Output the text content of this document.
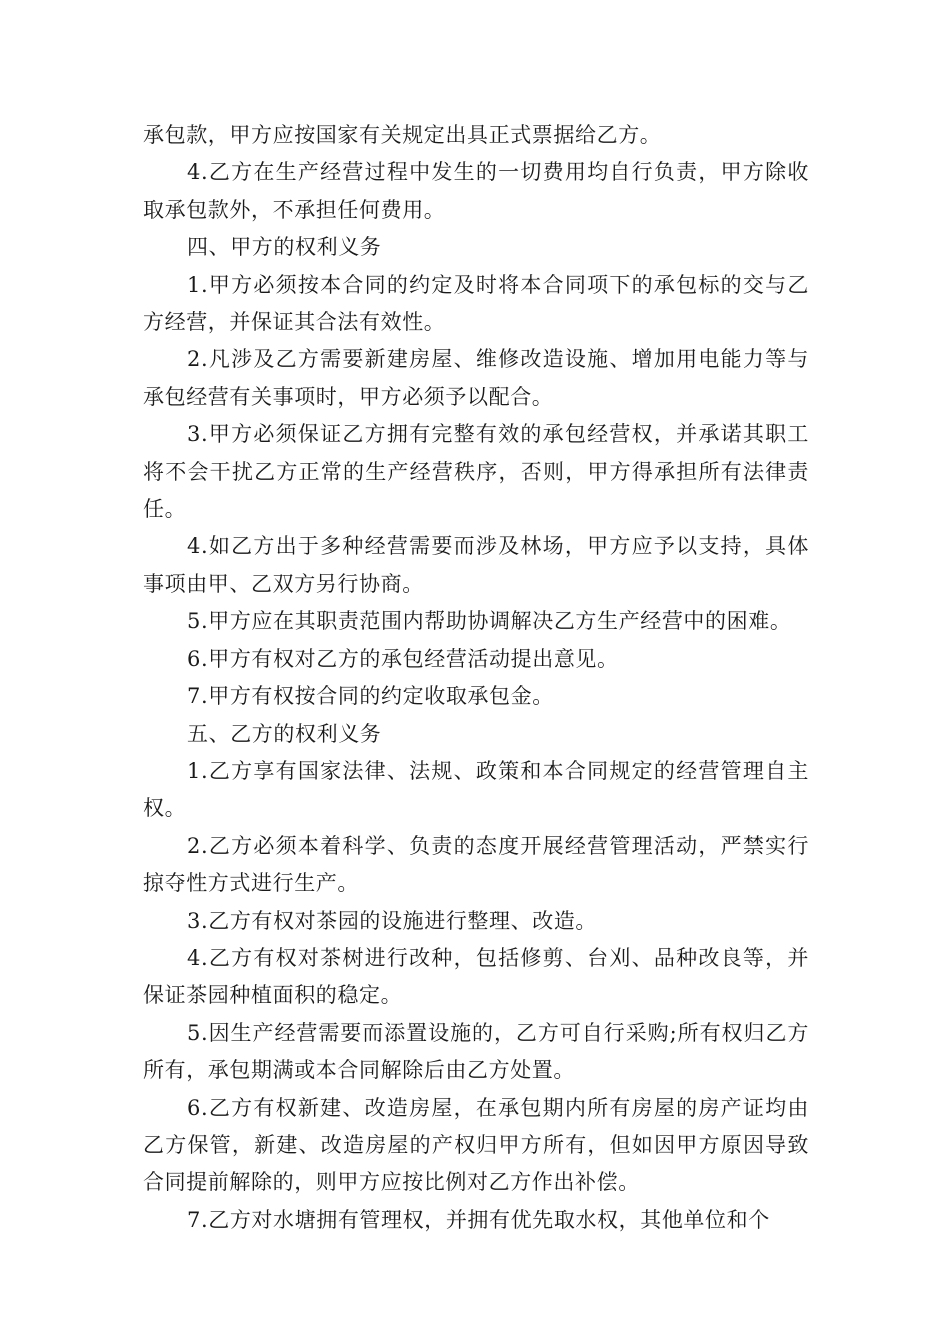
承包款，甲方应按国家有关规定出具正式票据给乙方。

4.乙方在生产经营过程中发生的一切费用均自行负责，甲方除收取承包款外，不承担任何费用。

四、甲方的权利义务

1.甲方必须按本合同的约定及时将本合同项下的承包标的交与乙方经营，并保证其合法有效性。

2.凡涉及乙方需要新建房屋、维修改造设施、增加用电能力等与承包经营有关事项时，甲方必须予以配合。

3.甲方必须保证乙方拥有完整有效的承包经营权，并承诺其职工将不会干扰乙方正常的生产经营秩序，否则，甲方得承担所有法律责任。

4.如乙方出于多种经营需要而涉及林场，甲方应予以支持，具体事项由甲、乙双方另行协商。

5.甲方应在其职责范围内帮助协调解决乙方生产经营中的困难。

6.甲方有权对乙方的承包经营活动提出意见。

7.甲方有权按合同的约定收取承包金。

五、乙方的权利义务

1.乙方享有国家法律、法规、政策和本合同规定的经营管理自主权。

2.乙方必须本着科学、负责的态度开展经营管理活动，严禁实行掠夺性方式进行生产。

3.乙方有权对茶园的设施进行整理、改造。

4.乙方有权对茶树进行改种，包括修剪、台刈、品种改良等，并保证茶园种植面积的稳定。

5.因生产经营需要而添置设施的，乙方可自行采购;所有权归乙方所有，承包期满或本合同解除后由乙方处置。

6.乙方有权新建、改造房屋，在承包期内所有房屋的房产证均由乙方保管，新建、改造房屋的产权归甲方所有，但如因甲方原因导致合同提前解除的，则甲方应按比例对乙方作出补偿。

7.乙方对水塘拥有管理权，并拥有优先取水权，其他单位和个
